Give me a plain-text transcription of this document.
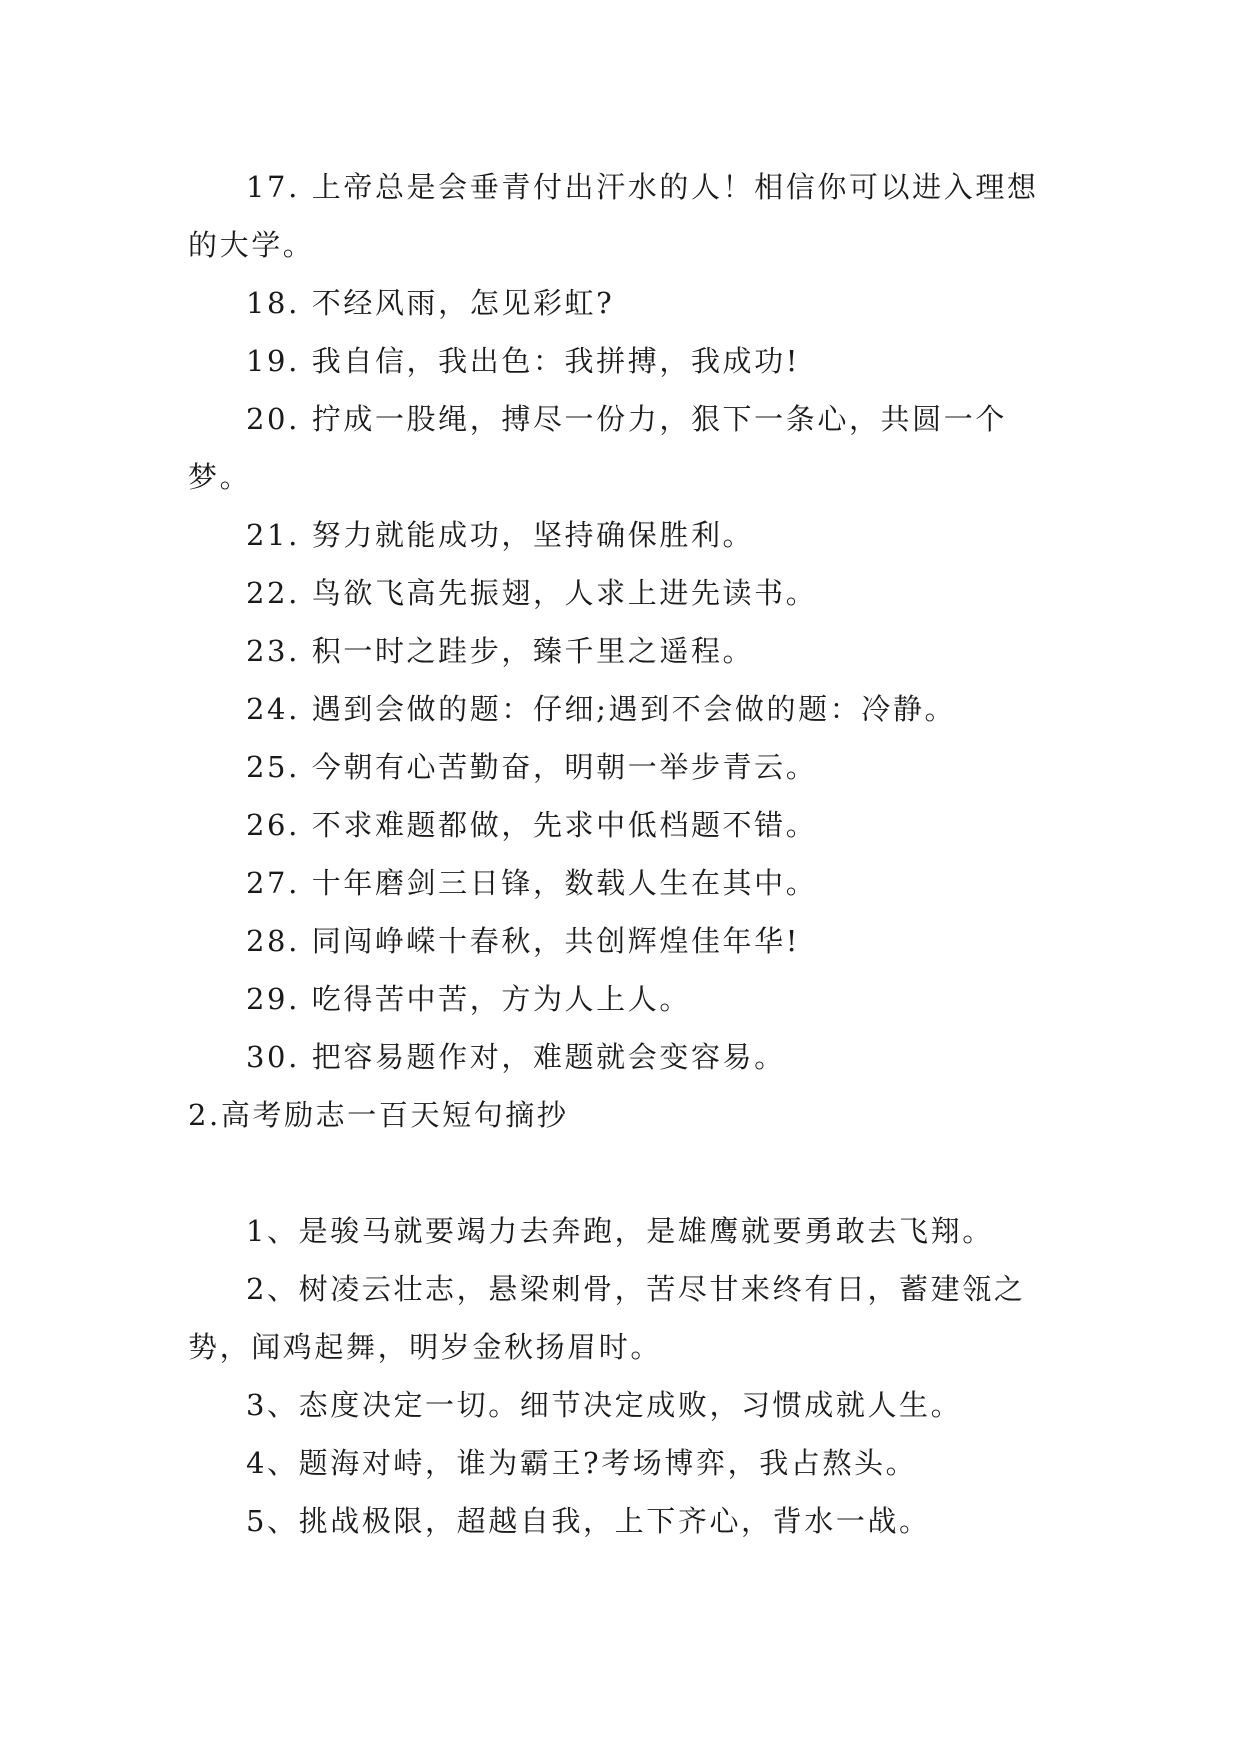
17. 上帝总是会垂青付出汗水的人！相信你可以进入理想的大学。

18. 不经风雨，怎见彩虹?

19. 我自信，我出色：我拼搏，我成功!

20. 拧成一股绳，搏尽一份力，狠下一条心，共圆一个梦。

21. 努力就能成功，坚持确保胜利。

22. 鸟欲飞高先振翅，人求上进先读书。

23. 积一时之跬步，臻千里之遥程。

24. 遇到会做的题：仔细;遇到不会做的题：冷静。

25. 今朝有心苦勤奋，明朝一举步青云。

26. 不求难题都做，先求中低档题不错。

27. 十年磨剑三日锋，数载人生在其中。

28. 同闯峥嵘十春秋，共创辉煌佳年华!

29. 吃得苦中苦，方为人上人。

30. 把容易题作对，难题就会变容易。

2.高考励志一百天短句摘抄

1、是骏马就要竭力去奔跑，是雄鹰就要勇敢去飞翔。

2、树凌云壮志，悬梁刺骨，苦尽甘来终有日，蓄建瓴之势，闻鸡起舞，明岁金秋扬眉时。

3、态度决定一切。细节决定成败，习惯成就人生。

4、题海对峙，谁为霸王?考场博弈，我占熬头。

5、挑战极限，超越自我，上下齐心，背水一战。
